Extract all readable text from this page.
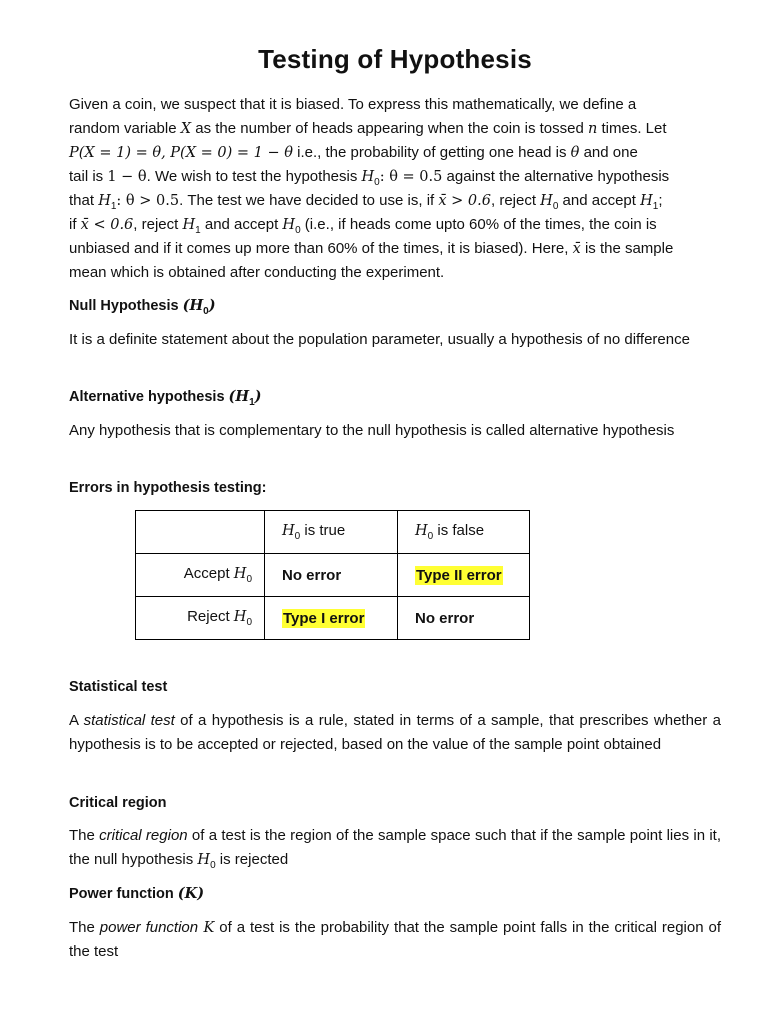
Testing of Hypothesis

Given a coin, we suspect that it is biased. To express this mathematically, we define a

random variable X as the number of heads appearing when the coin is tossed n times. Let

P(X = 1) = θ, P(X = 0) = 1 − θ i.e., the probability of getting one head is θ and one

tail is 1 − θ. We wish to test the hypothesis $H_0$: θ = 0.5 against the alternative hypothesis

that $H_1$: θ > 0.5. The test we have decided to use is, if x̄ > 0.6, reject $H_0$ and accept $H_1$;

if x̄ < 0.6, reject $H_1$ and accept $H_0$ (i.e., if heads come upto 60% of the times, the coin is

unbiased and if it comes up more than 60% of the times, it is biased). Here, x̄ is the sample

mean which is obtained after conducting the experiment.

Null Hypothesis $(H_0)$

It is a definite statement about the population parameter, usually a hypothesis of no difference

Alternative hypothesis $(H_1)$

Any hypothesis that is complementary to the null hypothesis is called alternative hypothesis

Errors in hypothesis testing:

	$H_0$ is true	$H_0$ is false
Accept $H_0$	No error	Type II error
Reject $H_0$	Type I error	No error

Statistical test

A statistical test of a hypothesis is a rule, stated in terms of a sample, that prescribes whether a hypothesis is to be accepted or rejected, based on the value of the sample point obtained

Critical region

The critical region of a test is the region of the sample space such that if the sample point lies in it, the null hypothesis $H_0$ is rejected

Power function (K)

The power function K of a test is the probability that the sample point falls in the critical region of the test
